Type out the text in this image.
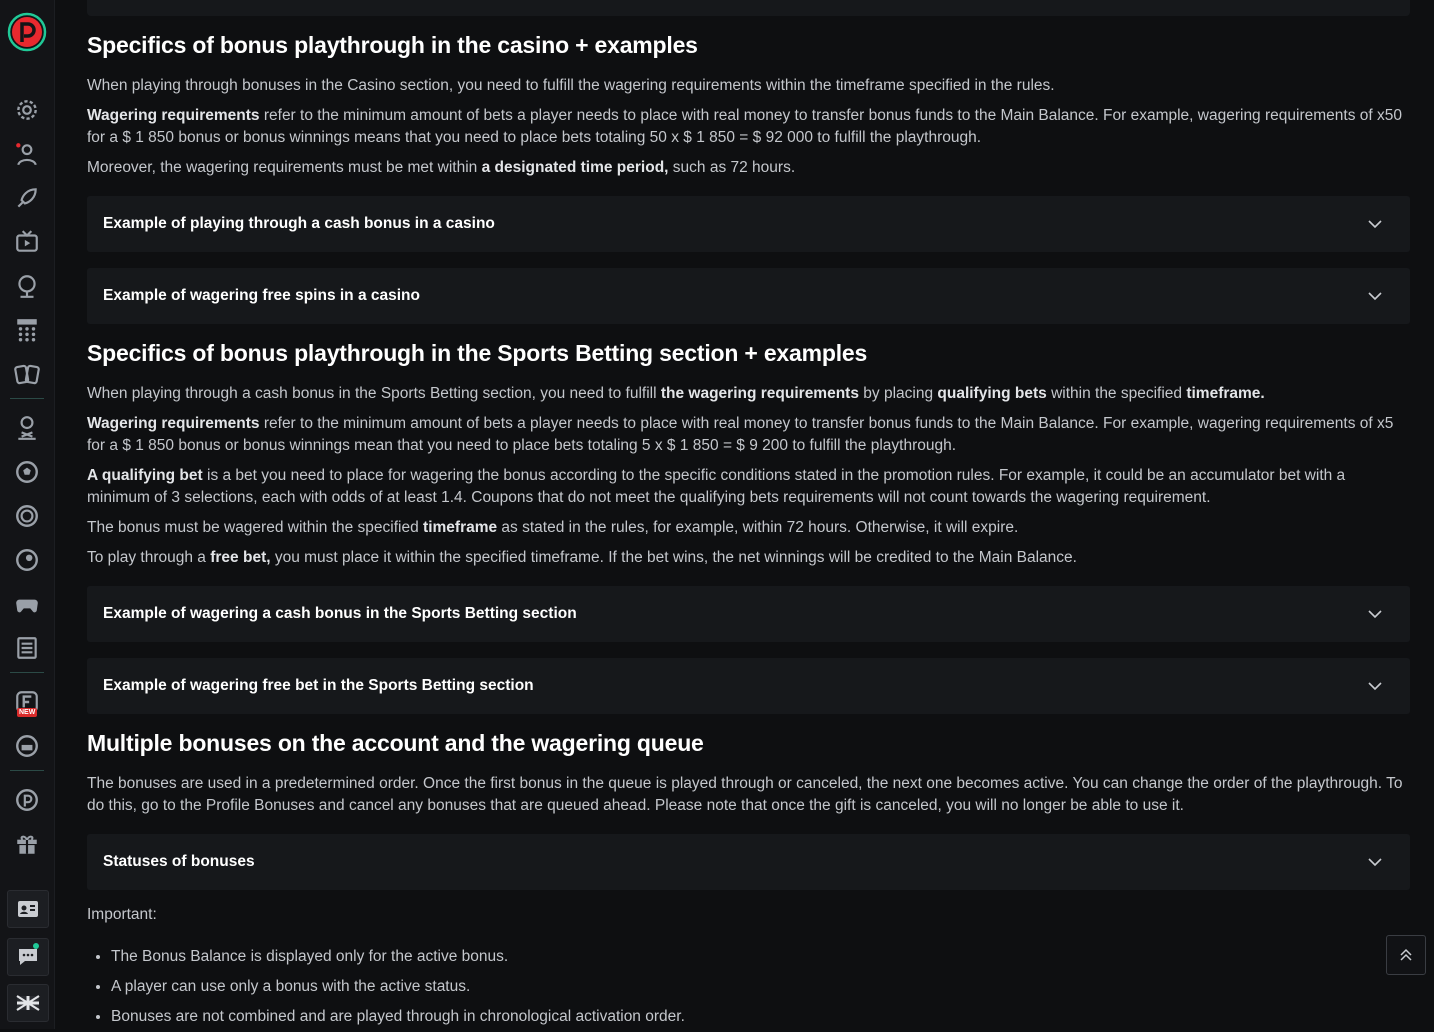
NEW
Specifics of bonus playthrough in the casino + examples

When playing through bonuses in the Casino section, you need to fulfill the wagering requirements within the timeframe specified in the rules.

Wagering requirements refer to the minimum amount of bets a player needs to place with real money to transfer bonus funds to the Main Balance. For example, wagering requirements of x50 for a $ 1 850 bonus or bonus winnings means that you need to place bets totaling 50 x $ 1 850 = $ 92 000 to fulfill the playthrough.

Moreover, the wagering requirements must be met within a designated time period, such as 72 hours.

Example of playing through a cash bonus in a casino
Example of wagering free spins in a casino
Specifics of bonus playthrough in the Sports Betting section + examples

When playing through a cash bonus in the Sports Betting section, you need to fulfill the wagering requirements by placing qualifying bets within the specified timeframe.

Wagering requirements refer to the minimum amount of bets a player needs to place with real money to transfer bonus funds to the Main Balance. For example, wagering requirements of x5 for a $ 1 850 bonus or bonus winnings mean that you need to place bets totaling 5 x $ 1 850 = $ 9 200 to fulfill the playthrough.

A qualifying bet is a bet you need to place for wagering the bonus according to the specific conditions stated in the promotion rules. For example, it could be an accumulator bet with a minimum of 3 selections, each with odds of at least 1.4. Coupons that do not meet the qualifying bets requirements will not count towards the wagering requirement.

The bonus must be wagered within the specified timeframe as stated in the rules, for example, within 72 hours. Otherwise, it will expire.

To play through a free bet, you must place it within the specified timeframe. If the bet wins, the net winnings will be credited to the Main Balance.

Example of wagering a cash bonus in the Sports Betting section
Example of wagering free bet in the Sports Betting section
Multiple bonuses on the account and the wagering queue

The bonuses are used in a predetermined order. Once the first bonus in the queue is played through or canceled, the next one becomes active. You can change the order of the playthrough. To do this, go to the Profile Bonuses and cancel any bonuses that are queued ahead. Please note that once the gift is canceled, you will no longer be able to use it.

Statuses of bonuses

Important:

• The Bonus Balance is displayed only for the active bonus.
• A player can use only a bonus with the active status.
• Bonuses are not combined and are played through in chronological activation order.
